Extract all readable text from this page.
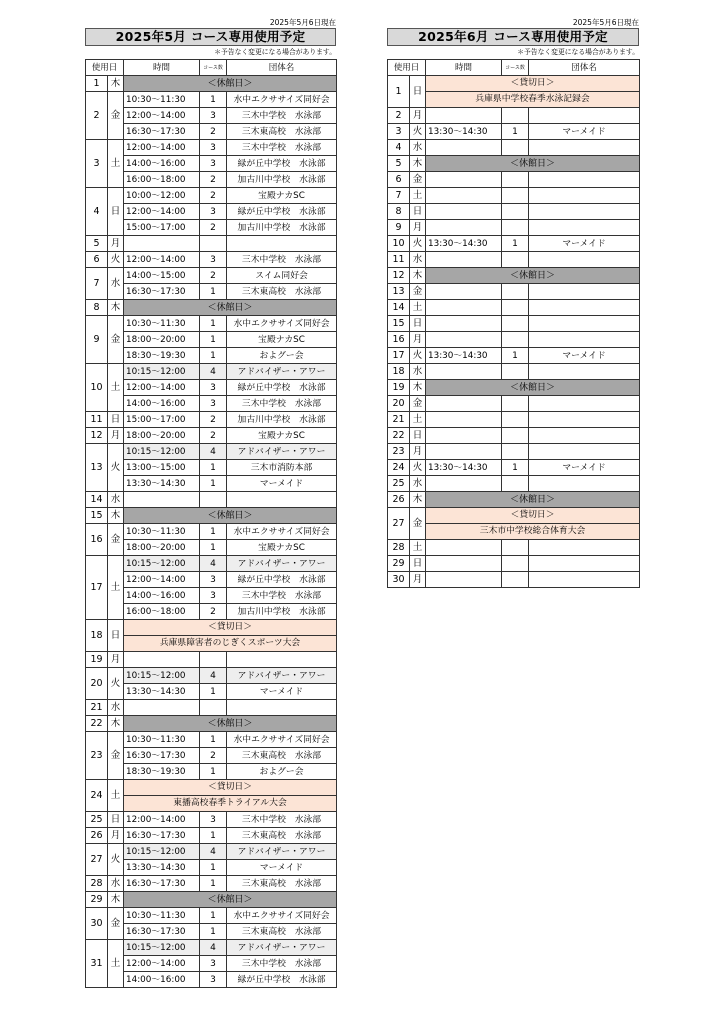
2025年5月6日現在
2025年5月 コース専用使用予定
＊予告なく変更になる場合があります。
使用日		時間	コース数	団体名
1	木	＜休館日＞		
2	金	10:30～11:30	1	水中エクササイズ同好会
		12:00～14:00	3	三木中学校　水泳部
		16:30～17:30	2	三木東高校　水泳部
3	土	12:00～14:00	3	三木中学校　水泳部
		14:00～16:00	3	緑が丘中学校　水泳部
		16:00～18:00	2	加古川中学校　水泳部
4	日	10:00～12:00	2	宝殿ナカSC
		12:00～14:00	3	緑が丘中学校　水泳部
		15:00～17:00	2	加古川中学校　水泳部
5	月			
6	火	12:00～14:00	3	三木中学校　水泳部
7	水	14:00～15:00	2	スイム同好会
		16:30～17:30	1	三木東高校　水泳部
8	木	＜休館日＞		
9	金	10:30～11:30	1	水中エクササイズ同好会
		18:00～20:00	1	宝殿ナカSC
		18:30～19:30	1	およグー会
10	土	10:15～12:00	4	アドバイザー・アワー
		12:00～14:00	3	緑が丘中学校　水泳部
		14:00～16:00	3	三木中学校　水泳部
11	日	15:00～17:00	2	加古川中学校　水泳部
12	月	18:00～20:00	2	宝殿ナカSC
13	火	10:15～12:00	4	アドバイザー・アワー
		13:00～15:00	1	三木市消防本部
		13:30～14:30	1	マーメイド
14	水			
15	木	＜休館日＞		
16	金	10:30～11:30	1	水中エクササイズ同好会
		18:00～20:00	1	宝殿ナカSC
17	土	10:15～12:00	4	アドバイザー・アワー
		12:00～14:00	3	緑が丘中学校　水泳部
		14:00～16:00	3	三木中学校　水泳部
		16:00～18:00	2	加古川中学校　水泳部
18	日	＜貸切日＞		
		兵庫県障害者のじぎくスポーツ大会		
19	月			
20	火	10:15～12:00	4	アドバイザー・アワー
		13:30～14:30	1	マーメイド
21	水			
22	木	＜休館日＞		
23	金	10:30～11:30	1	水中エクササイズ同好会
		16:30～17:30	2	三木東高校　水泳部
		18:30～19:30	1	およグー会
24	土	＜貸切日＞		
		東播高校春季トライアル大会		
25	日	12:00～14:00	3	三木中学校　水泳部
26	月	16:30～17:30	1	三木東高校　水泳部
27	火	10:15～12:00	4	アドバイザー・アワー
		13:30～14:30	1	マーメイド
28	水	16:30～17:30	1	三木東高校　水泳部
29	木	＜休館日＞		
30	金	10:30～11:30	1	水中エクササイズ同好会
		16:30～17:30	1	三木東高校　水泳部
31	土	10:15～12:00	4	アドバイザー・アワー
		12:00～14:00	3	三木中学校　水泳部
		14:00～16:00	3	緑が丘中学校　水泳部
2025年5月6日現在
2025年6月 コース専用使用予定
＊予告なく変更になる場合があります。
使用日		時間	コース数	団体名
1	日	＜貸切日＞		
		兵庫県中学校春季水泳記録会		
2	月			
3	火	13:30～14:30	1	マーメイド
4	水			
5	木	＜休館日＞		
6	金			
7	土			
8	日			
9	月			
10	火	13:30～14:30	1	マーメイド
11	水			
12	木	＜休館日＞		
13	金			
14	土			
15	日			
16	月			
17	火	13:30～14:30	1	マーメイド
18	水			
19	木	＜休館日＞		
20	金			
21	土			
22	日			
23	月			
24	火	13:30～14:30	1	マーメイド
25	水			
26	木	＜休館日＞		
27	金	＜貸切日＞		
		三木市中学校総合体育大会		
28	土			
29	日			
30	月			
